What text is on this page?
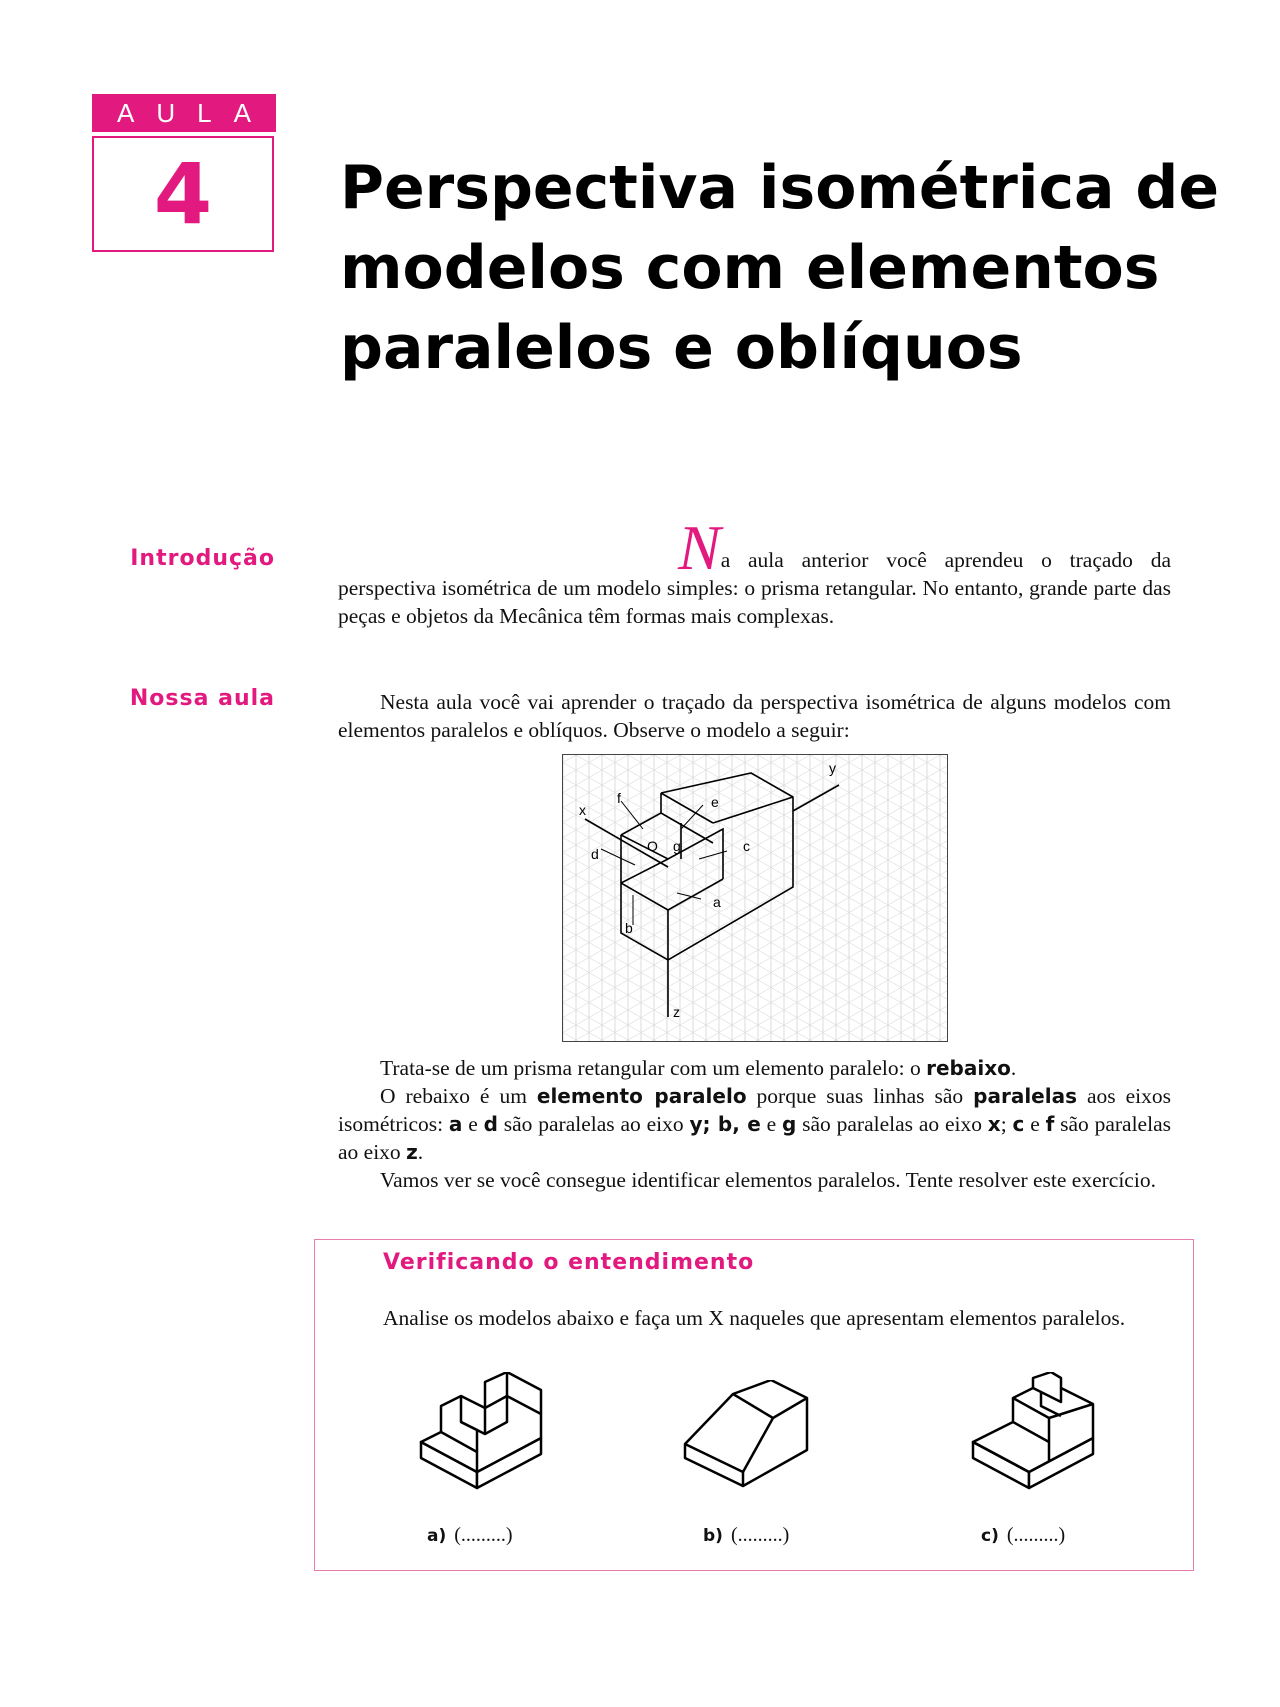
AULA
4 Perspectiva isométrica de modelos com elementos paralelos e oblíquos
Introdução	Na aula anterior você aprendeu o traçado da perspectiva isométrica de um modelo simples: o prisma retangular. No entanto, grande parte das peças e objetos da Mecânica têm formas mais complexas.

Nossa aula	Nesta aula você vai aprender o traçado da perspectiva isométrica de alguns modelos com elementos paralelos e oblíquos. Observe o modelo a seguir:

x
y
z
a
b
c
d
e
f
g
O

Trata-se de um prisma retangular com um elemento paralelo: o rebaixo.

O rebaixo é um elemento paralelo porque suas linhas são paralelas aos eixos isométricos: a e d são paralelas ao eixo y; b, e e g são paralelas ao eixo x; c e f são paralelas ao eixo z.

Vamos ver se você consegue identificar elementos paralelos. Tente resolver este exercício.

Verificando o entendimento

Analise os modelos abaixo e faça um X naqueles que apresentam elementos paralelos.

a) (.........)	b) (.........)	c) (.........)
